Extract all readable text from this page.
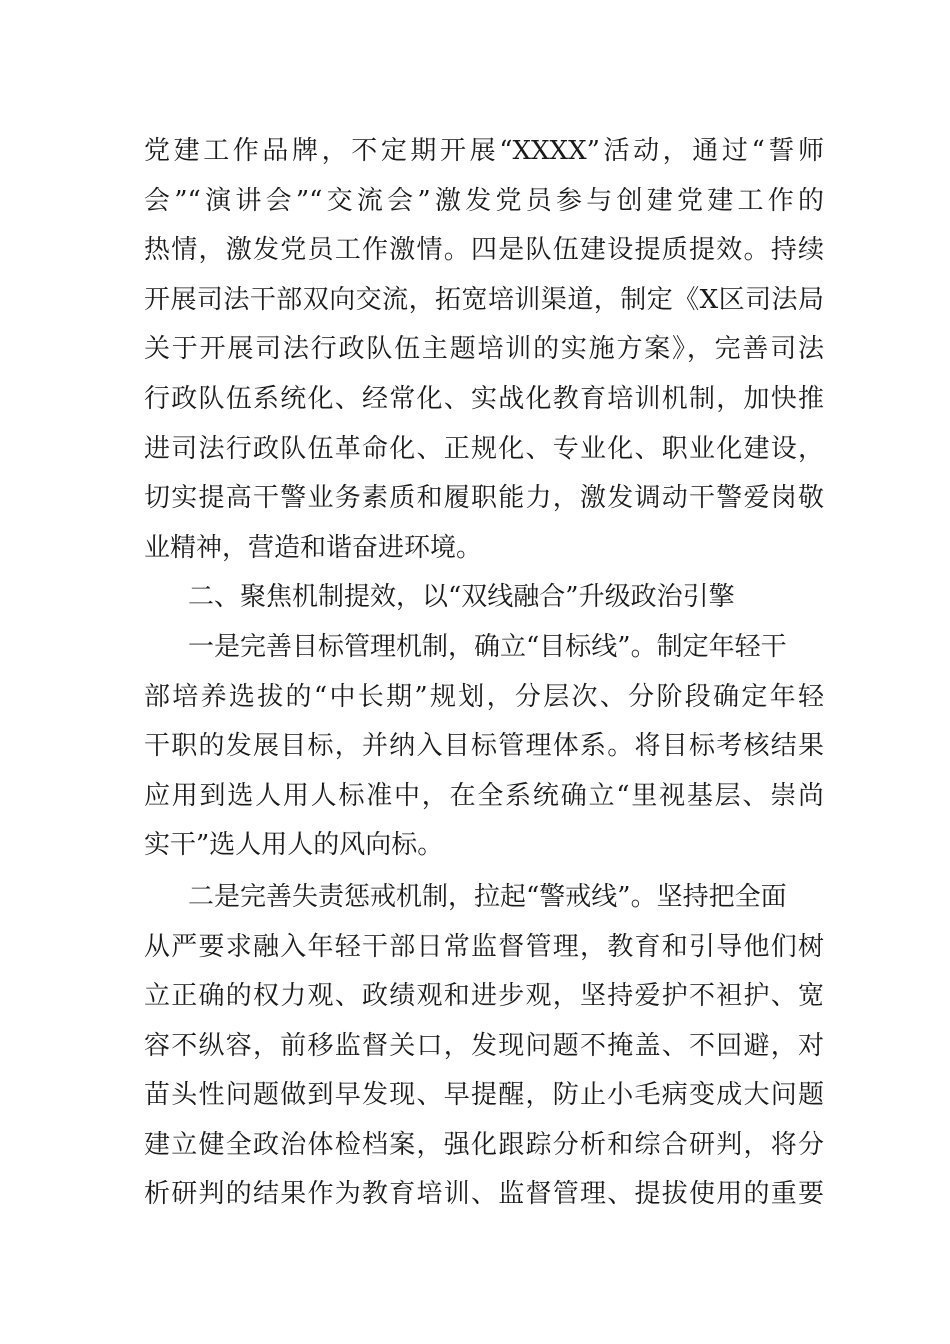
党建工作品牌，不定期开展“XXXX”活动，通过“誓师
会”“演讲会”“交流会”激发党员参与创建党建工作的
热情，激发党员工作激情。四是队伍建设提质提效。持续
开展司法干部双向交流，拓宽培训渠道，制定《X区司法局
关于开展司法行政队伍主题培训的实施方案》，完善司法
行政队伍系统化、经常化、实战化教育培训机制，加快推
进司法行政队伍革命化、正规化、专业化、职业化建设，
切实提高干警业务素质和履职能力，激发调动干警爱岗敬
业精神，营造和谐奋进环境。
二、聚焦机制提效，以“双线融合”升级政治引擎
一是完善目标管理机制，确立“目标线”。制定年轻干
部培养选拔的“中长期”规划，分层次、分阶段确定年轻
干职的发展目标，并纳入目标管理体系。将目标考核结果
应用到选人用人标准中，在全系统确立“里视基层、崇尚
实干”选人用人的风向标。
二是完善失责惩戒机制，拉起“警戒线”。坚持把全面
从严要求融入年轻干部日常监督管理，教育和引导他们树
立正确的权力观、政绩观和进步观，坚持爱护不袒护、宽
容不纵容，前移监督关口，发现问题不掩盖、不回避，对
苗头性问题做到早发现、早提醒，防止小毛病变成大问题
建立健全政治体检档案，强化跟踪分析和综合研判，将分
析研判的结果作为教育培训、监督管理、提拔使用的重要
